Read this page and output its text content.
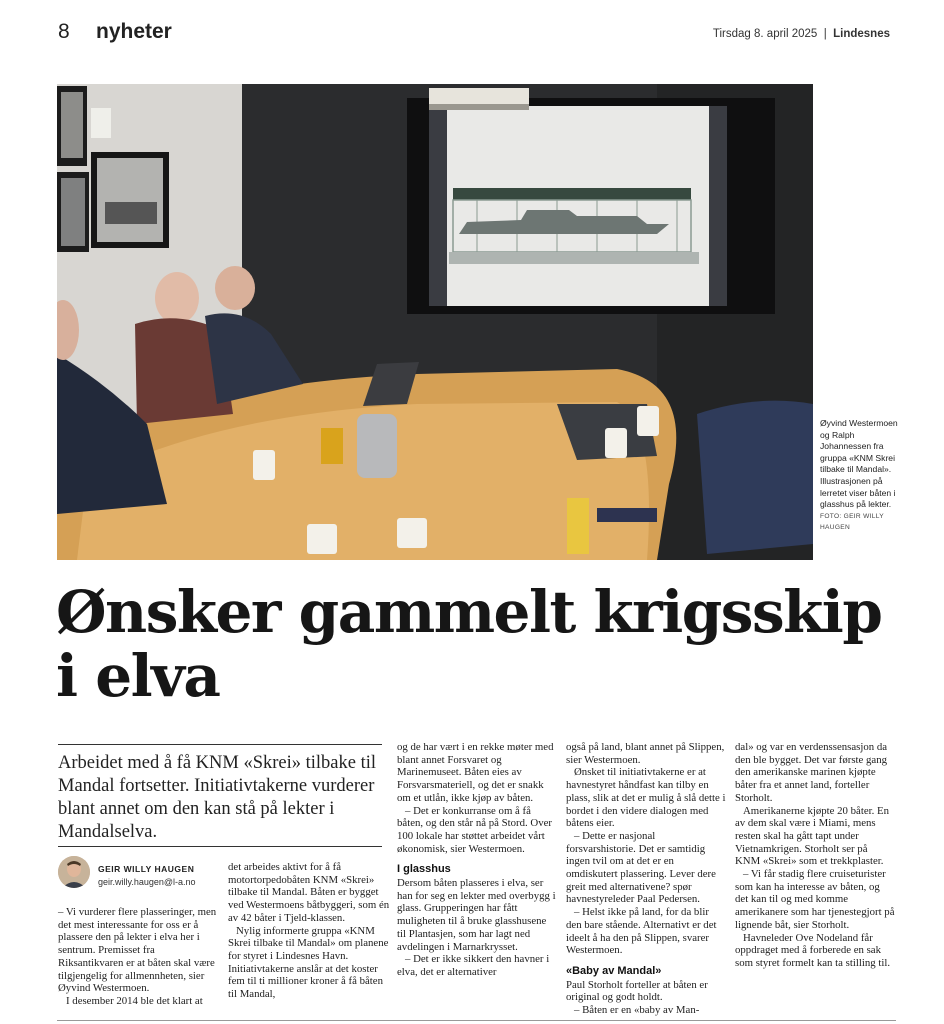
8 nyheter	Tirsdag 8. april 2025 | Lindesnes
Øyvind Westermoen og Ralph Johannessen fra gruppa «KNM Skrei tilbake til Mandal». Illustrasjonen på lerretet viser båten i glasshus på lekter.
FOTO: GEIR WILLY HAUGEN
Ønsker gammelt krigsskip i elva

Arbeidet med å få KNM «Skrei» tilbake til Mandal fortsetter. Initiativtakerne vurderer blant annet om den kan stå på lekter i Mandalselva.

GEIR WILLY HAUGEN
geir.willy.haugen@l-a.no

– Vi vurderer flere plasseringer, men det mest interessante for oss er å plassere den på lekter i elva her i sentrum. Premisset fra Riksantikvaren er at båten skal være tilgjengelig for allmennheten, sier Øyvind Westermoen.

I desember 2014 ble det klart at

det arbeides aktivt for å få motortorpedobåten KNM «Skrei» tilbake til Mandal. Båten er bygget ved Westermoens båtbyggeri, som én av 42 båter i Tjeld-klassen.

Nylig informerte gruppa «KNM Skrei tilbake til Mandal» om planene for styret i Lindesnes Havn. Initiativtakerne anslår at det koster fem til ti millioner kroner å få båten til Mandal,

og de har vært i en rekke møter med blant annet Forsvaret og Marinemuseet. Båten eies av Forsvarsmateriell, og det er snakk om et utlån, ikke kjøp av båten.

– Det er konkurranse om å få båten, og den står nå på Stord. Over 100 lokale har støttet arbeidet vårt økonomisk, sier Westermoen.

I glasshus

Dersom båten plasseres i elva, ser han for seg en lekter med overbygg i glass. Grupperingen har fått muligheten til å bruke glasshusene til Plantasjen, som har lagt ned avdelingen i Marnarkrysset.

– Det er ikke sikkert den havner i elva, det er alternativer

også på land, blant annet på Slippen, sier Westermoen.

Ønsket til initiativtakerne er at havnestyret håndfast kan tilby en plass, slik at det er mulig å slå dette i bordet i den videre dialogen med båtens eier.

– Dette er nasjonal forsvarshistorie. Det er samtidig ingen tvil om at det er en omdiskutert plassering. Lever dere greit med alternativene? spør havnestyreleder Paal Pedersen.

– Helst ikke på land, for da blir den bare stående. Alternativt er det ideelt å ha den på Slippen, svarer Westermoen.

«Baby av Mandal»

Paul Storholt forteller at båten er original og godt holdt.

– Båten er en «baby av Man-

dal» og var en verdenssensasjon da den ble bygget. Det var første gang den amerikanske marinen kjøpte båter fra et annet land, forteller Storholt.

Amerikanerne kjøpte 20 båter. En av dem skal være i Miami, mens resten skal ha gått tapt under Vietnamkrigen. Storholt ser på KNM «Skrei» som et trekkplaster.

– Vi får stadig flere cruiseturister som kan ha interesse av båten, og det kan til og med komme amerikanere som har tjenestegjort på lignende båt, sier Storholt.

Havneleder Ove Nodeland får oppdraget med å forberede en sak som styret formelt kan ta stilling til.
